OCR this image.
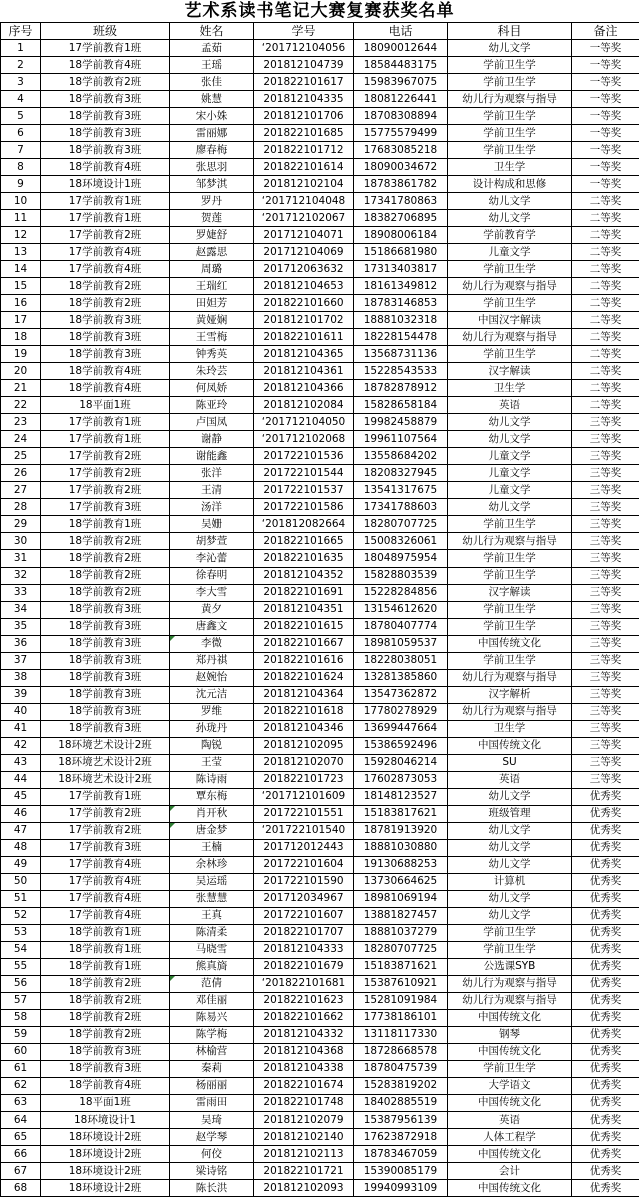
艺术系读书笔记大赛复赛获奖名单
序号	班级	姓名	学号	电话	科目	备注
1	17学前教育1班	孟茹	‘201712104056	18090012644	幼儿文学	一等奖
2	18学前教育4班	王瑶	201812104739	18584483175	学前卫生学	一等奖
3	18学前教育2班	张佳	201822101617	15983967075	学前卫生学	一等奖
4	18学前教育3班	姚慧	201812104335	18081226441	幼儿行为观察与指导	一等奖
5	18学前教育3班	宋小姝	201812101706	18708308894	学前卫生学	一等奖
6	18学前教育3班	雷丽娜	201822101685	15775579499	学前卫生学	一等奖
7	18学前教育3班	廖春梅	201822101712	17683085218	学前卫生学	一等奖
8	18学前教育4班	张思羽	201822101614	18090034672	卫生学	一等奖
9	18环境设计1班	邹梦淇	201812102104	18783861782	设计构成和思修	一等奖
10	17学前教育1班	罗丹	‘201712104048	17341780863	幼儿文学	二等奖
11	17学前教育1班	贺莲	‘201712102067	18382706895	幼儿文学	二等奖
12	17学前教育2班	罗婕舒	201712104071	18908006184	学前教育学	二等奖
13	17学前教育4班	赵露思	201712104069	15186681980	儿童文学	二等奖
14	17学前教育4班	周璐	201712063632	17313403817	学前卫生学	二等奖
15	18学前教育2班	王瑞红	201812104653	18161349812	幼儿行为观察与指导	二等奖
16	18学前教育2班	田妲芳	201822101660	18783146853	学前卫生学	二等奖
17	18学前教育3班	黄娅娴	201812101702	18881032318	中国汉字解读	二等奖
18	18学前教育3班	王雪梅	201822101611	18228154478	幼儿行为观察与指导	二等奖
19	18学前教育3班	钟秀英	201812104365	13568731136	学前卫生学	二等奖
20	18学前教育4班	朱玲芸	201812104361	15228543533	汉字解读	二等奖
21	18学前教育4班	何凤娇	201812104366	18782878912	卫生学	二等奖
22	18平面1班	陈亚玲	201812102084	15828658184	英语	二等奖
23	17学前教育1班	卢国凤	‘201712104050	19982458879	幼儿文学	三等奖
24	17学前教育1班	谢静	‘201712102068	19961107564	幼儿文学	三等奖
25	17学前教育2班	谢能鑫	201722101536	13558684202	儿童文学	三等奖
26	17学前教育2班	张洋	201722101544	18208327945	儿童文学	三等奖
27	17学前教育2班	王清	201722101537	13541317675	儿童文学	三等奖
28	17学前教育3班	汤洋	201722101586	17341788603	幼儿文学	三等奖
29	18学前教育1班	吴姗	‘201812082664	18280707725	学前卫生学	三等奖
30	18学前教育2班	胡梦萱	201822101665	15008326061	幼儿行为观察与指导	三等奖
31	18学前教育2班	李沁蕾	201822101635	18048975954	学前卫生学	三等奖
32	18学前教育2班	徐春明	201812104352	15828803539	学前卫生学	三等奖
33	18学前教育2班	李大雪	201822101691	15228284856	汉字解读	三等奖
34	18学前教育3班	黄夕	201812104351	13154612620	学前卫生学	三等奖
35	18学前教育3班	唐鑫文	201822101615	18780407774	学前卫生学	三等奖
36	18学前教育3班	李微	201822101667	18981059537	中国传统文化	三等奖
37	18学前教育3班	郑丹祺	201822101616	18228038051	学前卫生学	三等奖
38	18学前教育3班	赵婉怡	201822101624	13281385860	幼儿行为观察与指导	三等奖
39	18学前教育3班	沈元洁	201812104364	13547362872	汉字解析	三等奖
40	18学前教育3班	罗维	201822101618	17780278929	幼儿行为观察与指导	三等奖
41	18学前教育3班	孙珑丹	201812104346	13699447664	卫生学	三等奖
42	18环境艺术设计2班	陶锐	201812102095	15386592496	中国传统文化	三等奖
43	18环境艺术设计2班	王莹	201812102070	15928046214	SU	三等奖
44	18环境艺术设计2班	陈诗雨	201822101723	17602873053	英语	三等奖
45	17学前教育1班	覃东梅	‘201712101609	18148123527	幼儿文学	优秀奖
46	17学前教育2班	肖开秋	201722101551	15183817621	班级管理	优秀奖
47	17学前教育2班	唐金梦	‘201722101540	18781913920	幼儿文学	优秀奖
48	17学前教育3班	王楠	201712012443	18881030880	幼儿文学	优秀奖
49	17学前教育4班	余林珍	201722101604	19130688253	幼儿文学	优秀奖
50	17学前教育4班	吴运瑶	201722101590	13730664625	计算机	优秀奖
51	17学前教育4班	张慧慧	201712034967	18981069194	幼儿文学	优秀奖
52	17学前教育4班	王真	201722101607	13881827457	幼儿文学	优秀奖
53	18学前教育1班	陈清柔	201822101707	18881037279	学前卫生学	优秀奖
54	18学前教育1班	马晓雪	201812104333	18280707725	学前卫生学	优秀奖
55	18学前教育1班	熊真旖	201822101679	15183871621	公选课SYB	优秀奖
56	18学前教育2班	范倩	‘201822101681	15387610921	幼儿行为观察与指导	优秀奖
57	18学前教育2班	邓佳丽	201822101623	15281091984	幼儿行为观察与指导	优秀奖
58	18学前教育2班	陈易兴	201822101662	17738186101	中国传统文化	优秀奖
59	18学前教育2班	陈学梅	201812104332	13118117330	钢琴	优秀奖
60	18学前教育3班	林榆营	201812104368	18728668578	中国传统文化	优秀奖
61	18学前教育3班	秦莉	201812104338	18780475739	学前卫生学	优秀奖
62	18学前教育4班	杨丽丽	201822101674	15283819202	大学语文	优秀奖
63	18平面1班	雷雨田	201822101748	18402885519	中国传统文化	优秀奖
64	18环境设计1	吴琦	201812102079	15387956139	英语	优秀奖
65	18环境设计2班	赵学琴	201812102140	17623872918	人体工程学	优秀奖
66	18环境设计2班	何佼	201812102113	18783467059	中国传统文化	优秀奖
67	18环境设计2班	梁诗铭	201822101721	15390085179	会计	优秀奖
68	18环境设计2班	陈长洪	201812102093	19940993109	中国传统文化	优秀奖
